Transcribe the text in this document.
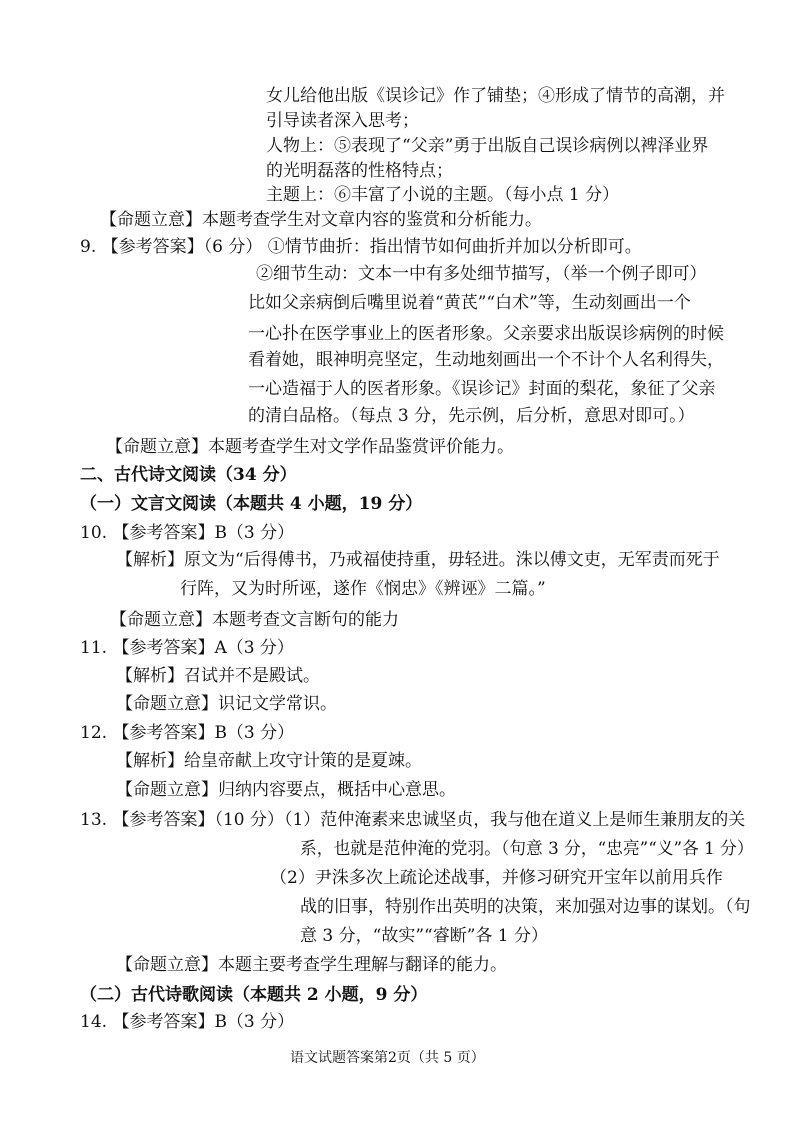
女儿给他出版《误诊记》作了铺垫；④形成了情节的高潮，并
引导读者深入思考；
人物上：⑤表现了“父亲”勇于出版自己误诊病例以裨泽业界
的光明磊落的性格特点；
主题上：⑥丰富了小说的主题。（每小点 1 分）
【命题立意】本题考查学生对文章内容的鉴赏和分析能力。
9. 【参考答案】（6 分） ①情节曲折：指出情节如何曲折并加以分析即可。
②细节生动：文本一中有多处细节描写，（举一个例子即可）
比如父亲病倒后嘴里说着“黄芪”“白术”等，生动刻画出一个
一心扑在医学事业上的医者形象。父亲要求出版误诊病例的时候
看着她，眼神明亮坚定，生动地刻画出一个不计个人名利得失，
一心造福于人的医者形象。《误诊记》封面的梨花，象征了父亲
的清白品格。（每点 3 分，先示例，后分析，意思对即可。）
【命题立意】本题考查学生对文学作品鉴赏评价能力。
二、古代诗文阅读（34 分）
（一）文言文阅读（本题共 4 小题，19 分）
10. 【参考答案】B（3 分）
【解析】原文为“后得傅书，乃戒福使持重，毋轻进。洙以傅文吏，无军责而死于
行阵，又为时所诬，遂作《悯忠》《辨诬》二篇。”
【命题立意】本题考查文言断句的能力
11. 【参考答案】A（3 分）
【解析】召试并不是殿试。
【命题立意】识记文学常识。
12. 【参考答案】B（3 分）
【解析】给皇帝献上攻守计策的是夏竦。
【命题立意】归纳内容要点，概括中心意思。
13. 【参考答案】（10 分）（1）范仲淹素来忠诚坚贞，我与他在道义上是师生兼朋友的关
系，也就是范仲淹的党羽。（句意 3 分，“忠亮”“义”各 1 分）
（2）尹洙多次上疏论述战事，并修习研究开宝年以前用兵作
战的旧事，特别作出英明的决策，来加强对边事的谋划。（句
意 3 分，“故实”“睿断”各 1 分）
【命题立意】本题主要考查学生理解与翻译的能力。
（二）古代诗歌阅读（本题共 2 小题，9 分）
14. 【参考答案】B（3 分）
语文试题答案第2页（共 5 页）
